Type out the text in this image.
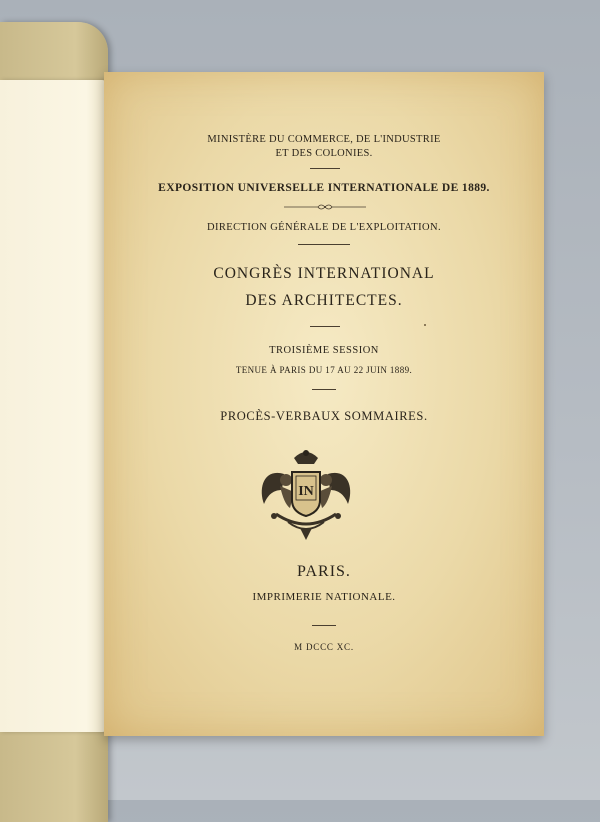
MINISTÈRE DU COMMERCE, DE L'INDUSTRIE
ET DES COLONIES.
EXPOSITION UNIVERSELLE INTERNATIONALE DE 1889.
DIRECTION GÉNÉRALE DE L'EXPLOITATION.
CONGRÈS INTERNATIONAL
DES ARCHITECTES.
TROISIÈME SESSION
TENUE À PARIS DU 17 AU 22 JUIN 1889.
PROCÈS-VERBAUX SOMMAIRES.
IN
PARIS.
IMPRIMERIE NATIONALE.
M DCCC XC.
